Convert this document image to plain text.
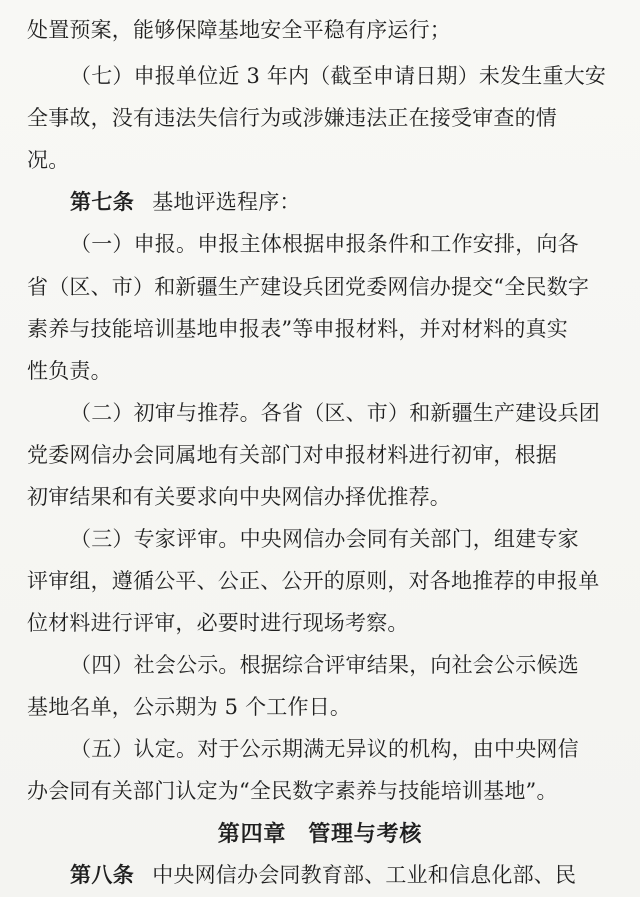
处置预案，能够保障基地安全平稳有序运行；
（七）申报单位近 3 年内（截至申请日期）未发生重大安
全事故，没有违法失信行为或涉嫌违法正在接受审查的情
况。
第七条 基地评选程序：
（一）申报。申报主体根据申报条件和工作安排，向各
省（区、市）和新疆生产建设兵团党委网信办提交“全民数字
素养与技能培训基地申报表”等申报材料，并对材料的真实
性负责。
（二）初审与推荐。各省（区、市）和新疆生产建设兵团
党委网信办会同属地有关部门对申报材料进行初审，根据
初审结果和有关要求向中央网信办择优推荐。
（三）专家评审。中央网信办会同有关部门，组建专家
评审组，遵循公平、公正、公开的原则，对各地推荐的申报单
位材料进行评审，必要时进行现场考察。
（四）社会公示。根据综合评审结果，向社会公示候选
基地名单，公示期为 5 个工作日。
（五）认定。对于公示期满无异议的机构，由中央网信
办会同有关部门认定为“全民数字素养与技能培训基地”。
第四章 管理与考核
第八条 中央网信办会同教育部、工业和信息化部、民
